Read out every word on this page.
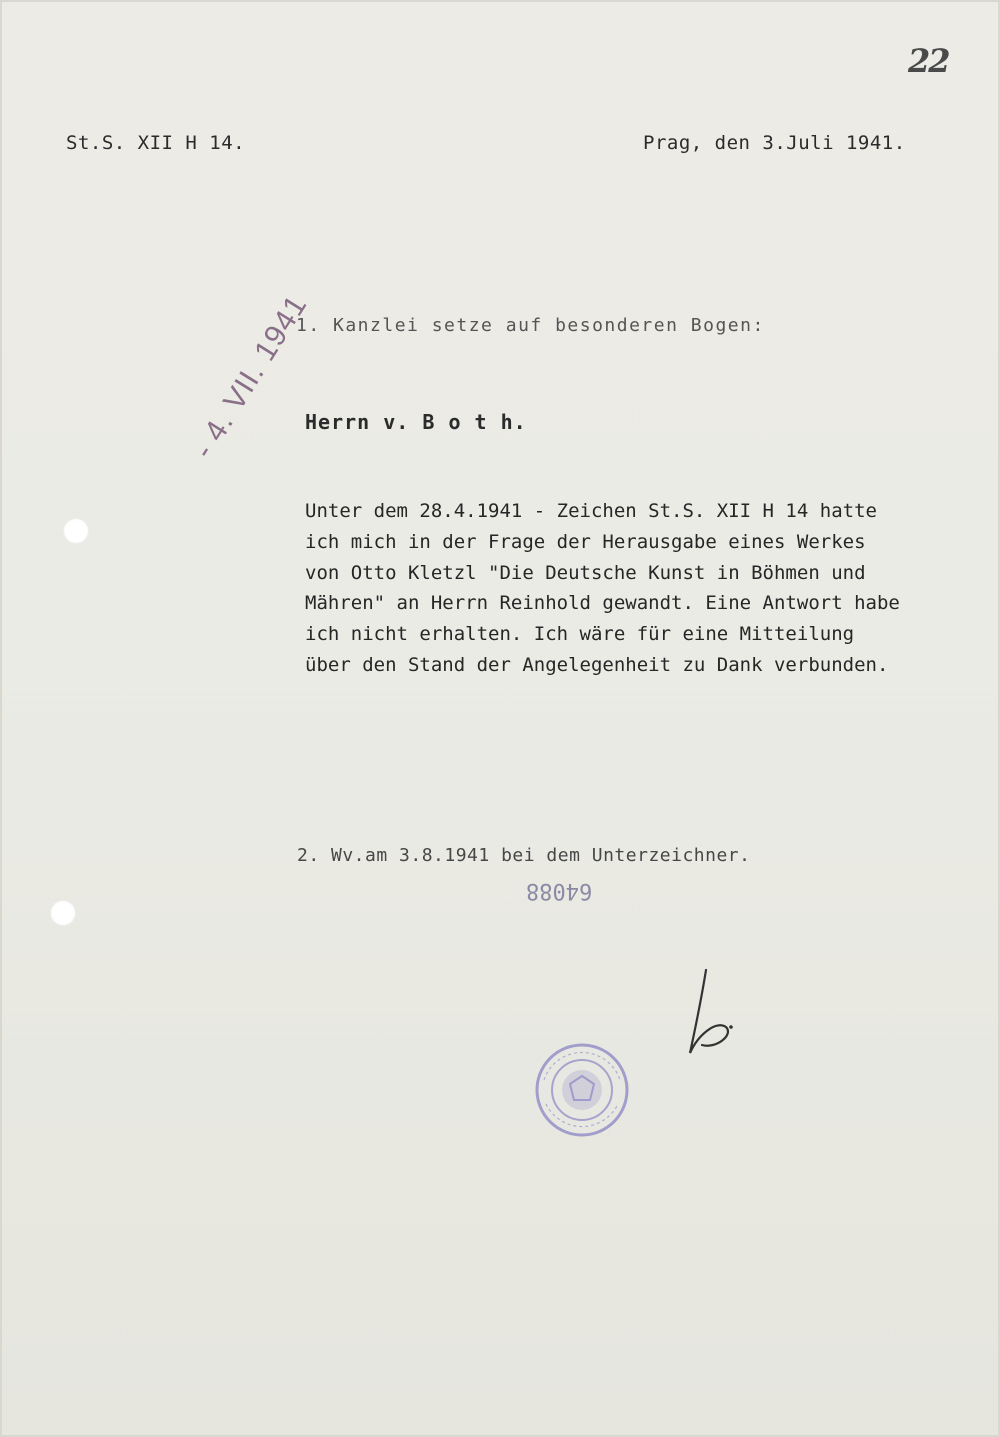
22

St.S. XII H 14.	Prag, den 3.Juli 1941.

- 4. VII. 1941

1. Kanzlei setze auf besonderen Bogen:

Herrn v. B o t h.

Unter dem 28.4.1941 - Zeichen St.S. XII H 14 hatte
ich mich in der Frage der Herausgabe eines Werkes
von Otto Kletzl "Die Deutsche Kunst in Böhmen und
Mähren" an Herrn Reinhold gewandt. Eine Antwort habe
ich nicht erhalten. Ich wäre für eine Mitteilung
über den Stand der Angelegenheit zu Dank verbunden.

2. Wv.am 3.8.1941 bei dem Unterzeichner.

64088
